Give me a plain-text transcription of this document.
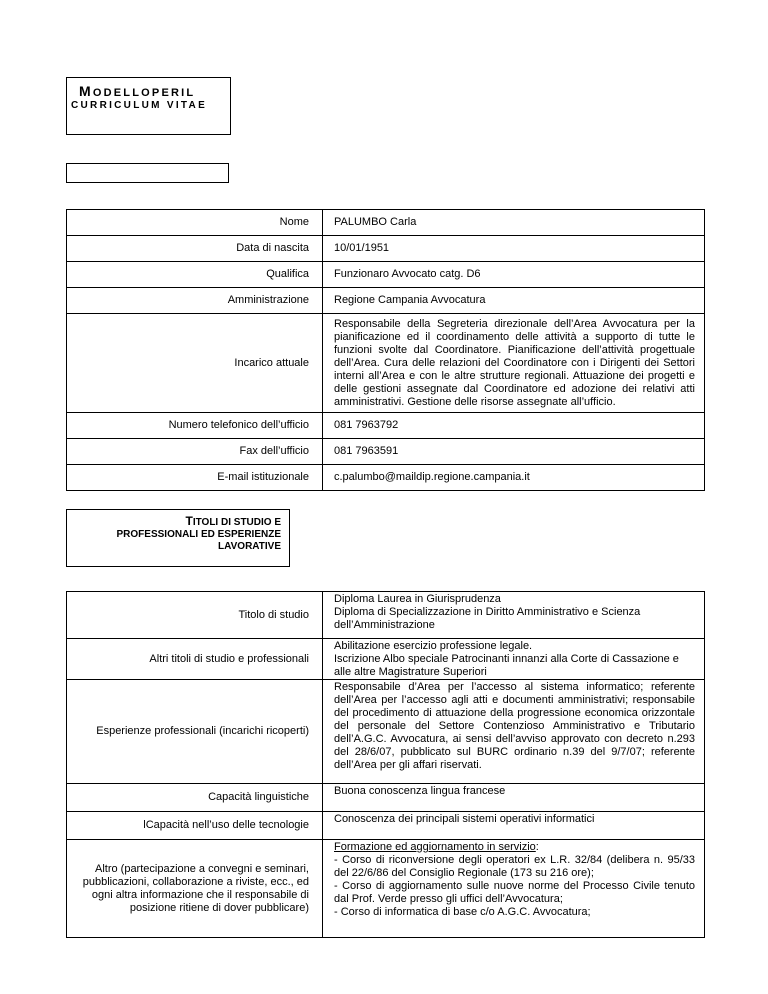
MODELLOPERIL
CURRICULUM VITAE
Nome	PALUMBO Carla
Data di nascita	10/01/1951
Qualifica	Funzionaro Avvocato catg. D6
Amministrazione	Regione Campania Avvocatura
Incarico attuale	Responsabile della Segreteria direzionale dell’Area Avvocatura per la pianificazione ed il coordinamento delle attività a supporto di tutte le funzioni svolte dal Coordinatore. Pianificazione dell’attività progettuale dell’Area. Cura delle relazioni del Coordinatore con i Dirigenti dei Settori interni all’Area e con le altre strutture regionali. Attuazione dei progetti e delle gestioni assegnate dal Coordinatore ed adozione dei relativi atti amministrativi. Gestione delle risorse assegnate all’ufficio.
Numero telefonico dell’ufficio	081 7963792
Fax dell’ufficio	081 7963591
E-mail istituzionale	c.palumbo@maildip.regione.campania.it
TITOLI DI STUDIO E
PROFESSIONALI ED ESPERIENZE
LAVORATIVE
Titolo di studio	Diploma Laurea in Giurisprudenza
Diploma di Specializzazione in Diritto Amministrativo e Scienza dell’Amministrazione

Altri titoli di studio e professionali	Abilitazione esercizio professione legale.
Iscrizione Albo speciale Patrocinanti innanzi alla Corte di Cassazione e alle altre Magistrature Superiori

Esperienze professionali (incarichi ricoperti)	Responsabile d’Area per l’accesso al sistema informatico; referente dell’Area per l’accesso agli atti e documenti amministrativi; responsabile del procedimento di attuazione della progressione economica orizzontale del personale del Settore Contenzioso Amministrativo e Tributario dell’A.G.C. Avvocatura, ai sensi dell’avviso approvato con decreto n.293 del 28/6/07, pubblicato sul BURC ordinario n.39 del 9/7/07; referente dell’Area per gli affari riservati.
Capacità linguistiche	Buona conoscenza lingua francese
lCapacità nell’uso delle tecnologie	Conoscenza dei principali sistemi operativi informatici
Altro (partecipazione a convegni e seminari, pubblicazioni, collaborazione a riviste, ecc., ed ogni altra informazione che il responsabile di posizione ritiene di dover pubblicare)	Formazione ed aggiornamento in servizio:
- Corso di riconversione degli operatori ex L.R. 32/84 (delibera n. 95/33 del 22/6/86 del Consiglio Regionale (173 su 216 ore);
- Corso di aggiornamento sulle nuove norme del Processo Civile tenuto dal Prof. Verde presso gli uffici dell’Avvocatura;
- Corso di informatica di base c/o A.G.C. Avvocatura;
